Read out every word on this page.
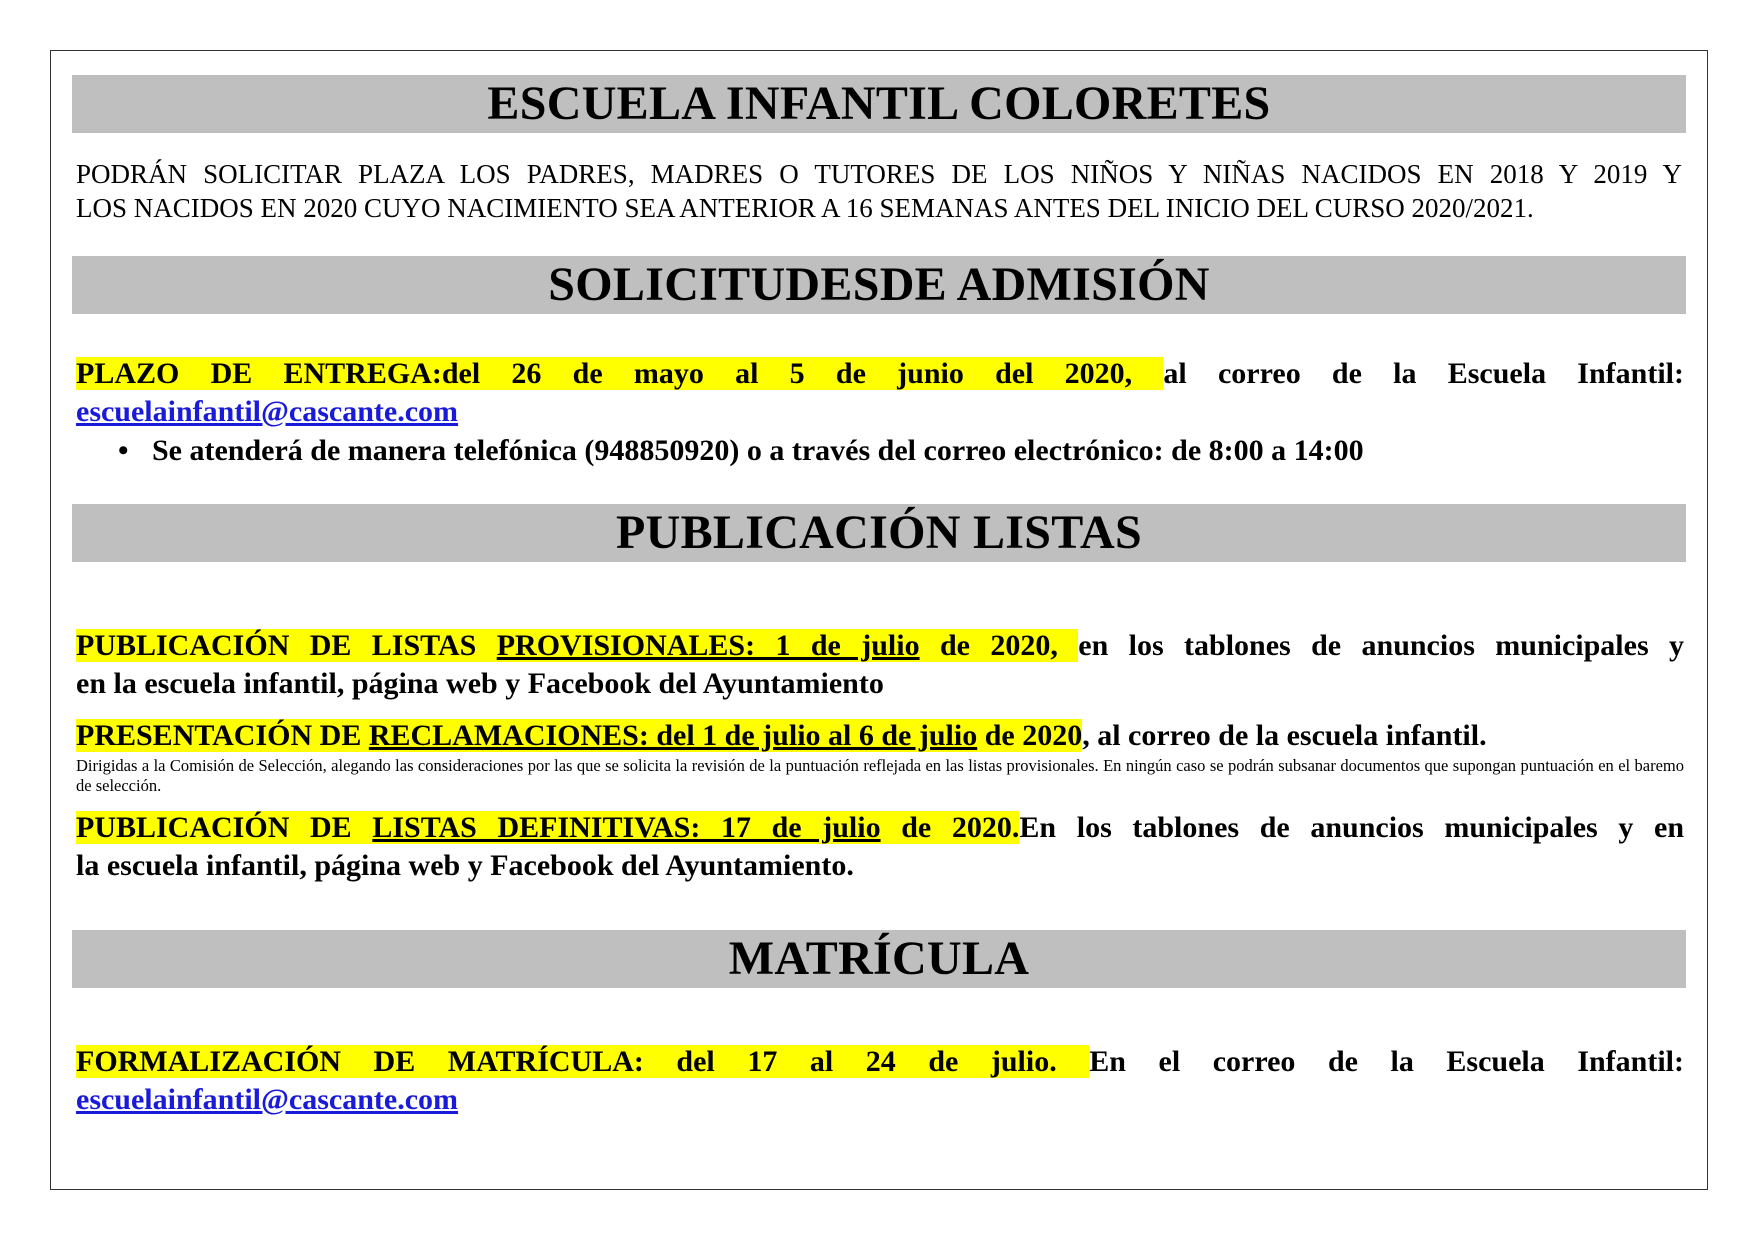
ESCUELA INFANTIL COLORETES
PODRÁN SOLICITAR PLAZA LOS PADRES, MADRES O TUTORES DE LOS NIÑOS Y NIÑAS NACIDOS EN 2018 Y 2019 Y
LOS NACIDOS EN 2020 CUYO NACIMIENTO SEA ANTERIOR A 16 SEMANAS ANTES DEL INICIO DEL CURSO 2020/2021.
SOLICITUDESDE ADMISIÓN
PLAZO DE ENTREGA:del 26 de mayo al 5 de junio del 2020, al correo de la Escuela Infantil:
escuelainfantil@cascante.com
• Se atenderá de manera telefónica (948850920) o a través del correo electrónico: de 8:00 a 14:00
PUBLICACIÓN LISTAS
PUBLICACIÓN DE LISTAS PROVISIONALES: 1 de julio de 2020, en los tablones de anuncios municipales y
en la escuela infantil, página web y Facebook del Ayuntamiento
PRESENTACIÓN DE RECLAMACIONES: del 1 de julio al 6 de julio de 2020, al correo de la escuela infantil.
Dirigidas a la Comisión de Selección, alegando las consideraciones por las que se solicita la revisión de la puntuación reflejada en las listas provisionales. En ningún caso se podrán subsanar documentos que supongan puntuación en el baremo de selección.
PUBLICACIÓN DE LISTAS DEFINITIVAS: 17 de julio de 2020.En los tablones de anuncios municipales y en
la escuela infantil, página web y Facebook del Ayuntamiento.
MATRÍCULA
FORMALIZACIÓN DE MATRÍCULA: del 17 al 24 de julio. En el correo de la Escuela Infantil:
escuelainfantil@cascante.com
